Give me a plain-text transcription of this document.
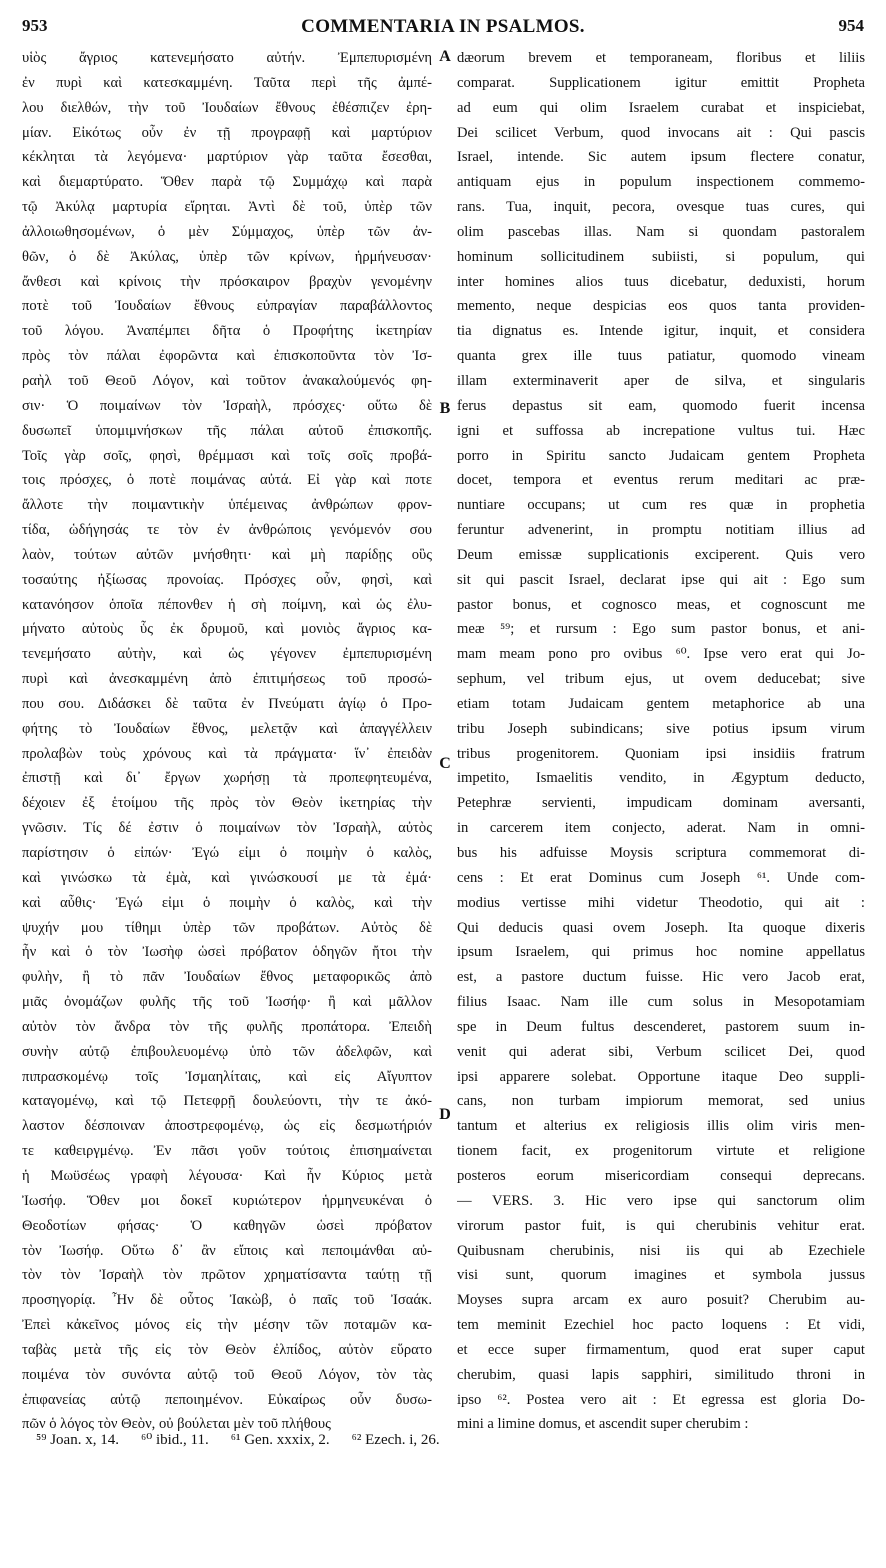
953	COMMENTARIA IN PSALMOS.	954
υἱὸς ἄγριος κατενεμήσατο αὐτήν. Ἐμπεπυρισμένη
ἐν πυρὶ καὶ κατεσκαμμένη. Ταῦτα περὶ τῆς ἀμπέ-
λου διελθών, τὴν τοῦ Ἰουδαίων ἔθνους ἐθέσπιζεν ἐρη-
μίαν. Εἰκότως οὖν ἐν τῇ προγραφῇ καὶ μαρτύριον
κέκληται τὰ λεγόμενα· μαρτύριον γὰρ ταῦτα ἔσεσθαι,
καὶ διεμαρτύρατο. Ὅθεν παρὰ τῷ Συμμάχῳ καὶ παρὰ
τῷ Ἀκύλᾳ μαρτυρία εἴρηται. Ἀντὶ δὲ τοῦ, ὑπὲρ τῶν
ἀλλοιωθησομένων, ὁ μὲν Σύμμαχος, ὑπὲρ τῶν ἀν-
θῶν, ὁ δὲ Ἀκύλας, ὑπὲρ τῶν κρίνων, ἡρμήνευσαν·
ἄνθεσι καὶ κρίνοις τὴν πρόσκαιρον βραχὺν γενομένην
ποτὲ τοῦ Ἰουδαίων ἔθνους εὐπραγίαν παραβάλλοντος
τοῦ λόγου. Ἀναπέμπει δῆτα ὁ Προφήτης ἱκετηρίαν
πρὸς τὸν πάλαι ἐφορῶντα καὶ ἐπισκοποῦντα τὸν Ἰσ-
ραὴλ τοῦ Θεοῦ Λόγον, καὶ τοῦτον ἀνακαλούμενός φη-
σιν· Ὁ ποιμαίνων τὸν Ἰσραὴλ, πρόσχες· οὕτω δὲ
δυσωπεῖ ὑπομιμνήσκων τῆς πάλαι αὐτοῦ ἐπισκοπῆς.
Τοῖς γὰρ σοῖς, φησὶ, θρέμμασι καὶ τοῖς σοῖς προβά-
τοις πρόσχες, ὁ ποτὲ ποιμάνας αὐτά. Εἰ γὰρ καὶ ποτε
ἄλλοτε τὴν ποιμαντικὴν ὑπέμεινας ἀνθρώπων φρον-
τίδα, ὡδήγησάς τε τὸν ἐν ἀνθρώποις γενόμενόν σου
λαὸν, τούτων αὐτῶν μνήσθητι· καὶ μὴ παρίδῃς οὓς
τοσαύτης ἠξίωσας προνοίας. Πρόσχες οὖν, φησὶ, καὶ
κατανόησον ὁποῖα πέπονθεν ἡ σὴ ποίμνη, καὶ ὡς ἐλυ-
μήνατο αὐτοὺς ὗς ἐκ δρυμοῦ, καὶ μονιὸς ἄγριος κα-
τενεμήσατο αὐτὴν, καὶ ὡς γέγονεν ἐμπεπυρισμένη
πυρὶ καὶ ἀνεσκαμμένη ἀπὸ ἐπιτιμήσεως τοῦ προσώ-
που σου. Διδάσκει δὲ ταῦτα ἐν Πνεύματι ἁγίῳ ὁ Προ-
φήτης τὸ Ἰουδαίων ἔθνος, μελετᾷν καὶ ἀπαγγέλλειν
προλαβὼν τοὺς χρόνους καὶ τὰ πράγματα· ἵν᾽ ἐπειδὰν
ἐπιστῇ καὶ δι᾽ ἔργων χωρήσῃ τὰ προπεφητευμένα,
δέχοιεν ἐξ ἑτοίμου τῆς πρὸς τὸν Θεὸν ἱκετηρίας τὴν
γνῶσιν. Τίς δέ ἐστιν ὁ ποιμαίνων τὸν Ἰσραὴλ, αὐτὸς
παρίστησιν ὁ εἰπών· Ἐγώ εἰμι ὁ ποιμὴν ὁ καλὸς,
καὶ γινώσκω τὰ ἐμὰ, καὶ γινώσκουσί με τὰ ἐμά·
καὶ αὖθις· Ἐγώ εἰμι ὁ ποιμὴν ὁ καλὸς, καὶ τὴν
ψυχήν μου τίθημι ὑπὲρ τῶν προβάτων. Αὐτὸς δὲ
ἦν καὶ ὁ τὸν Ἰωσὴφ ὡσεὶ πρόβατον ὁδηγῶν ἤτοι τὴν
φυλὴν, ἢ τὸ πᾶν Ἰουδαίων ἔθνος μεταφορικῶς ἀπὸ
μιᾶς ὀνομάζων φυλῆς τῆς τοῦ Ἰωσήφ· ἢ καὶ μᾶλλον
αὐτὸν τὸν ἄνδρα τὸν τῆς φυλῆς προπάτορα. Ἐπειδὴ
συνὴν αὐτῷ ἐπιβουλευομένῳ ὑπὸ τῶν ἀδελφῶν, καὶ
πιπρασκομένῳ τοῖς Ἰσμαηλίταις, καὶ εἰς Αἴγυπτον
καταγομένῳ, καὶ τῷ Πετεφρῇ δουλεύοντι, τὴν τε ἀκό-
λαστον δέσποιναν ἀποστρεφομένῳ, ὡς εἰς δεσμωτήριόν
τε καθειργμένῳ. Ἐν πᾶσι γοῦν τούτοις ἐπισημαίνεται
ἡ Μωϋσέως γραφὴ λέγουσα· Καὶ ἦν Κύριος μετὰ
Ἰωσήφ. Ὅθεν μοι δοκεῖ κυριώτερον ἡρμηνευκέναι ὁ
Θεοδοτίων φήσας· Ὁ καθηγῶν ὡσεὶ πρόβατον
τὸν Ἰωσήφ. Οὕτω δ᾽ ἂν εἴποις καὶ πεποιμάνθαι αὐ-
τὸν τὸν Ἰσραὴλ τὸν πρῶτον χρηματίσαντα ταύτῃ τῇ
προσηγορίᾳ. Ἦν δὲ οὗτος Ἰακὼβ, ὁ παῖς τοῦ Ἰσαάκ.
Ἐπεὶ κἀκεῖνος μόνος εἰς τὴν μέσην τῶν ποταμῶν κα-
ταβὰς μετὰ τῆς εἰς τὸν Θεὸν ἐλπίδος, αὐτὸν εὕρατο
ποιμένα τὸν συνόντα αὐτῷ τοῦ Θεοῦ Λόγον, τὸν τὰς
ἐπιφανείας αὐτῷ πεποιημένον. Εὐκαίρως οὖν δυσω-
πῶν ὁ λόγος τὸν Θεὸν, οὐ βούλεται μὲν τοῦ πλήθους
A
B
C
D
dæorum brevem et temporaneam, floribus et liliis
comparat. Supplicationem igitur emittit Propheta
ad eum qui olim Israelem curabat et inspiciebat,
Dei scilicet Verbum, quod invocans ait : Qui pascis
Israel, intende. Sic autem ipsum flectere conatur,
antiquam ejus in populum inspectionem commemo-
rans. Tua, inquit, pecora, ovesque tuas cures, qui
olim pascebas illas. Nam si quondam pastoralem
hominum sollicitudinem subiisti, si populum, qui
inter homines alios tuus dicebatur, deduxisti, horum
memento, neque despicias eos quos tanta providen-
tia dignatus es. Intende igitur, inquit, et considera
quanta grex ille tuus patiatur, quomodo vineam
illam exterminaverit aper de silva, et singularis
ferus depastus sit eam, quomodo fuerit incensa
igni et suffossa ab increpatione vultus tui. Hæc
porro in Spiritu sancto Judaicam gentem Propheta
docet, tempora et eventus rerum meditari ac præ-
nuntiare occupans; ut cum res quæ in prophetia
feruntur advenerint, in promptu notitiam illius ad
Deum emissæ supplicationis exciperent. Quis vero
sit qui pascit Israel, declarat ipse qui ait : Ego sum
pastor bonus, et cognosco meas, et cognoscunt me
meæ ⁵⁹; et rursum : Ego sum pastor bonus, et ani-
mam meam pono pro ovibus ⁶⁰. Ipse vero erat qui Jo-
sephum, vel tribum ejus, ut ovem deducebat; sive
etiam totam Judaicam gentem metaphorice ab una
tribu Joseph subindicans; sive potius ipsum virum
tribus progenitorem. Quoniam ipsi insidiis fratrum
impetito, Ismaelitis vendito, in Ægyptum deducto,
Petephræ servienti, impudicam dominam aversanti,
in carcerem item conjecto, aderat. Nam in omni-
bus his adfuisse Moysis scriptura commemorat di-
cens : Et erat Dominus cum Joseph ⁶¹. Unde com-
modius vertisse mihi videtur Theodotio, qui ait :
Qui deducis quasi ovem Joseph. Ita quoque dixeris
ipsum Israelem, qui primus hoc nomine appellatus
est, a pastore ductum fuisse. Hic vero Jacob erat,
filius Isaac. Nam ille cum solus in Mesopotamiam
spe in Deum fultus descenderet, pastorem suum in-
venit qui aderat sibi, Verbum scilicet Dei, quod
ipsi apparere solebat. Opportune itaque Deo suppli-
cans, non turbam impiorum memorat, sed unius
tantum et alterius ex religiosis illis olim viris men-
tionem facit, ex progenitorum virtute et religione
posteros eorum misericordiam consequi deprecans.
— VERS. 3. Hic vero ipse qui sanctorum olim
virorum pastor fuit, is qui cherubinis vehitur erat.
Quibusnam cherubinis, nisi iis qui ab Ezechiele
visi sunt, quorum imagines et symbola jussus
Moyses supra arcam ex auro posuit? Cherubim au-
tem meminit Ezechiel hoc pacto loquens : Et vidi,
et ecce super firmamentum, quod erat super caput
cherubim, quasi lapis sapphiri, similitudo throni in
ipso ⁶². Postea vero ait : Et egressa est gloria Do-
mini a limine domus, et ascendit super cherubim :
⁵⁹ Joan. x, 14. ⁶⁰ ibid., 11. ⁶¹ Gen. xxxix, 2. ⁶² Ezech. i, 26.
